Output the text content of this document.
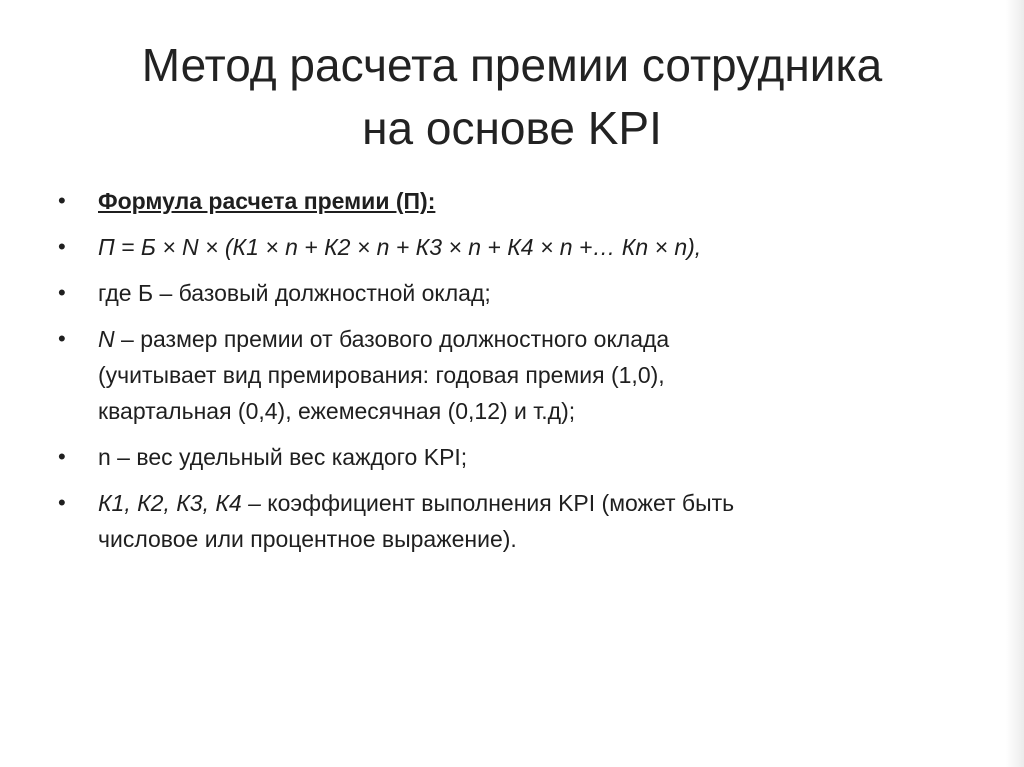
Метод расчета премии сотрудника
на основе KPI
•	Формула расчета премии (П):
•	П = Б × N × (К1 × n + К2 × n + К3 × n + К4 × n +… Кn × n),
•	где Б – базовый должностной оклад;
•	N – размер премии от базового должностного оклада
(учитывает вид премирования: годовая премия (1,0),
квартальная (0,4), ежемесячная (0,12) и т.д);
•	n – вес удельный вес каждого KPI;
•	К1, К2, К3, К4 – коэффициент выполнения KPI (может быть
числовое или процентное выражение).
